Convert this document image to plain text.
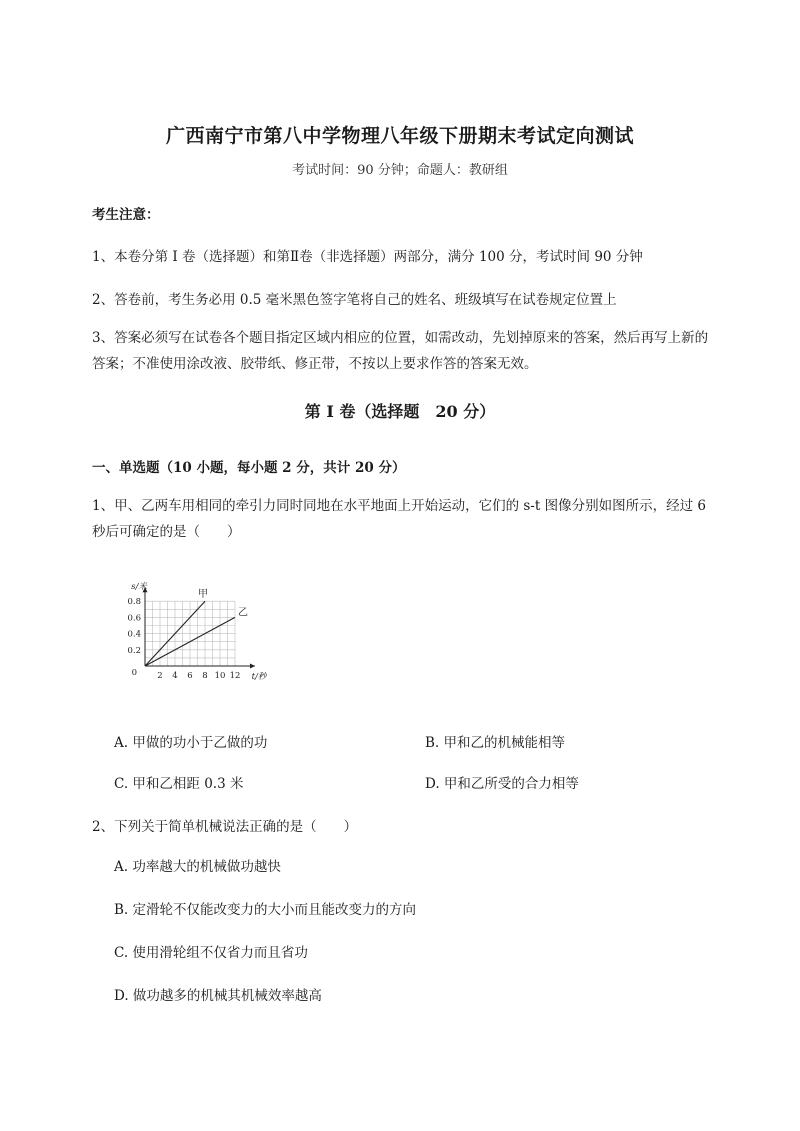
广西南宁市第八中学物理八年级下册期末考试定向测试
考试时间：90 分钟；命题人：教研组
考生注意：
1、本卷分第 I 卷（选择题）和第Ⅱ卷（非选择题）两部分，满分 100 分，考试时间 90 分钟
2、答卷前，考生务必用 0.5 毫米黑色签字笔将自己的姓名、班级填写在试卷规定位置上
3、答案必须写在试卷各个题目指定区域内相应的位置，如需改动，先划掉原来的答案，然后再写上新的答案；不准使用涂改液、胶带纸、修正带，不按以上要求作答的答案无效。
第 I 卷（选择题　20 分）
一、单选题（10 小题，每小题 2 分，共计 20 分）
1、甲、乙两车用相同的牵引力同时同地在水平地面上开始运动，它们的 s-t 图像分别如图所示，经过 6 秒后可确定的是（　　）
2 4 6 8 10 12
0.2
0.4
0.6
0.8
0	t/秒
s/米
甲
乙
A. 甲做的功小于乙做的功	B. 甲和乙的机械能相等
C. 甲和乙相距 0.3 米	D. 甲和乙所受的合力相等
2、下列关于简单机械说法正确的是（　　）
A. 功率越大的机械做功越快
B. 定滑轮不仅能改变力的大小而且能改变力的方向
C. 使用滑轮组不仅省力而且省功
D. 做功越多的机械其机械效率越高
